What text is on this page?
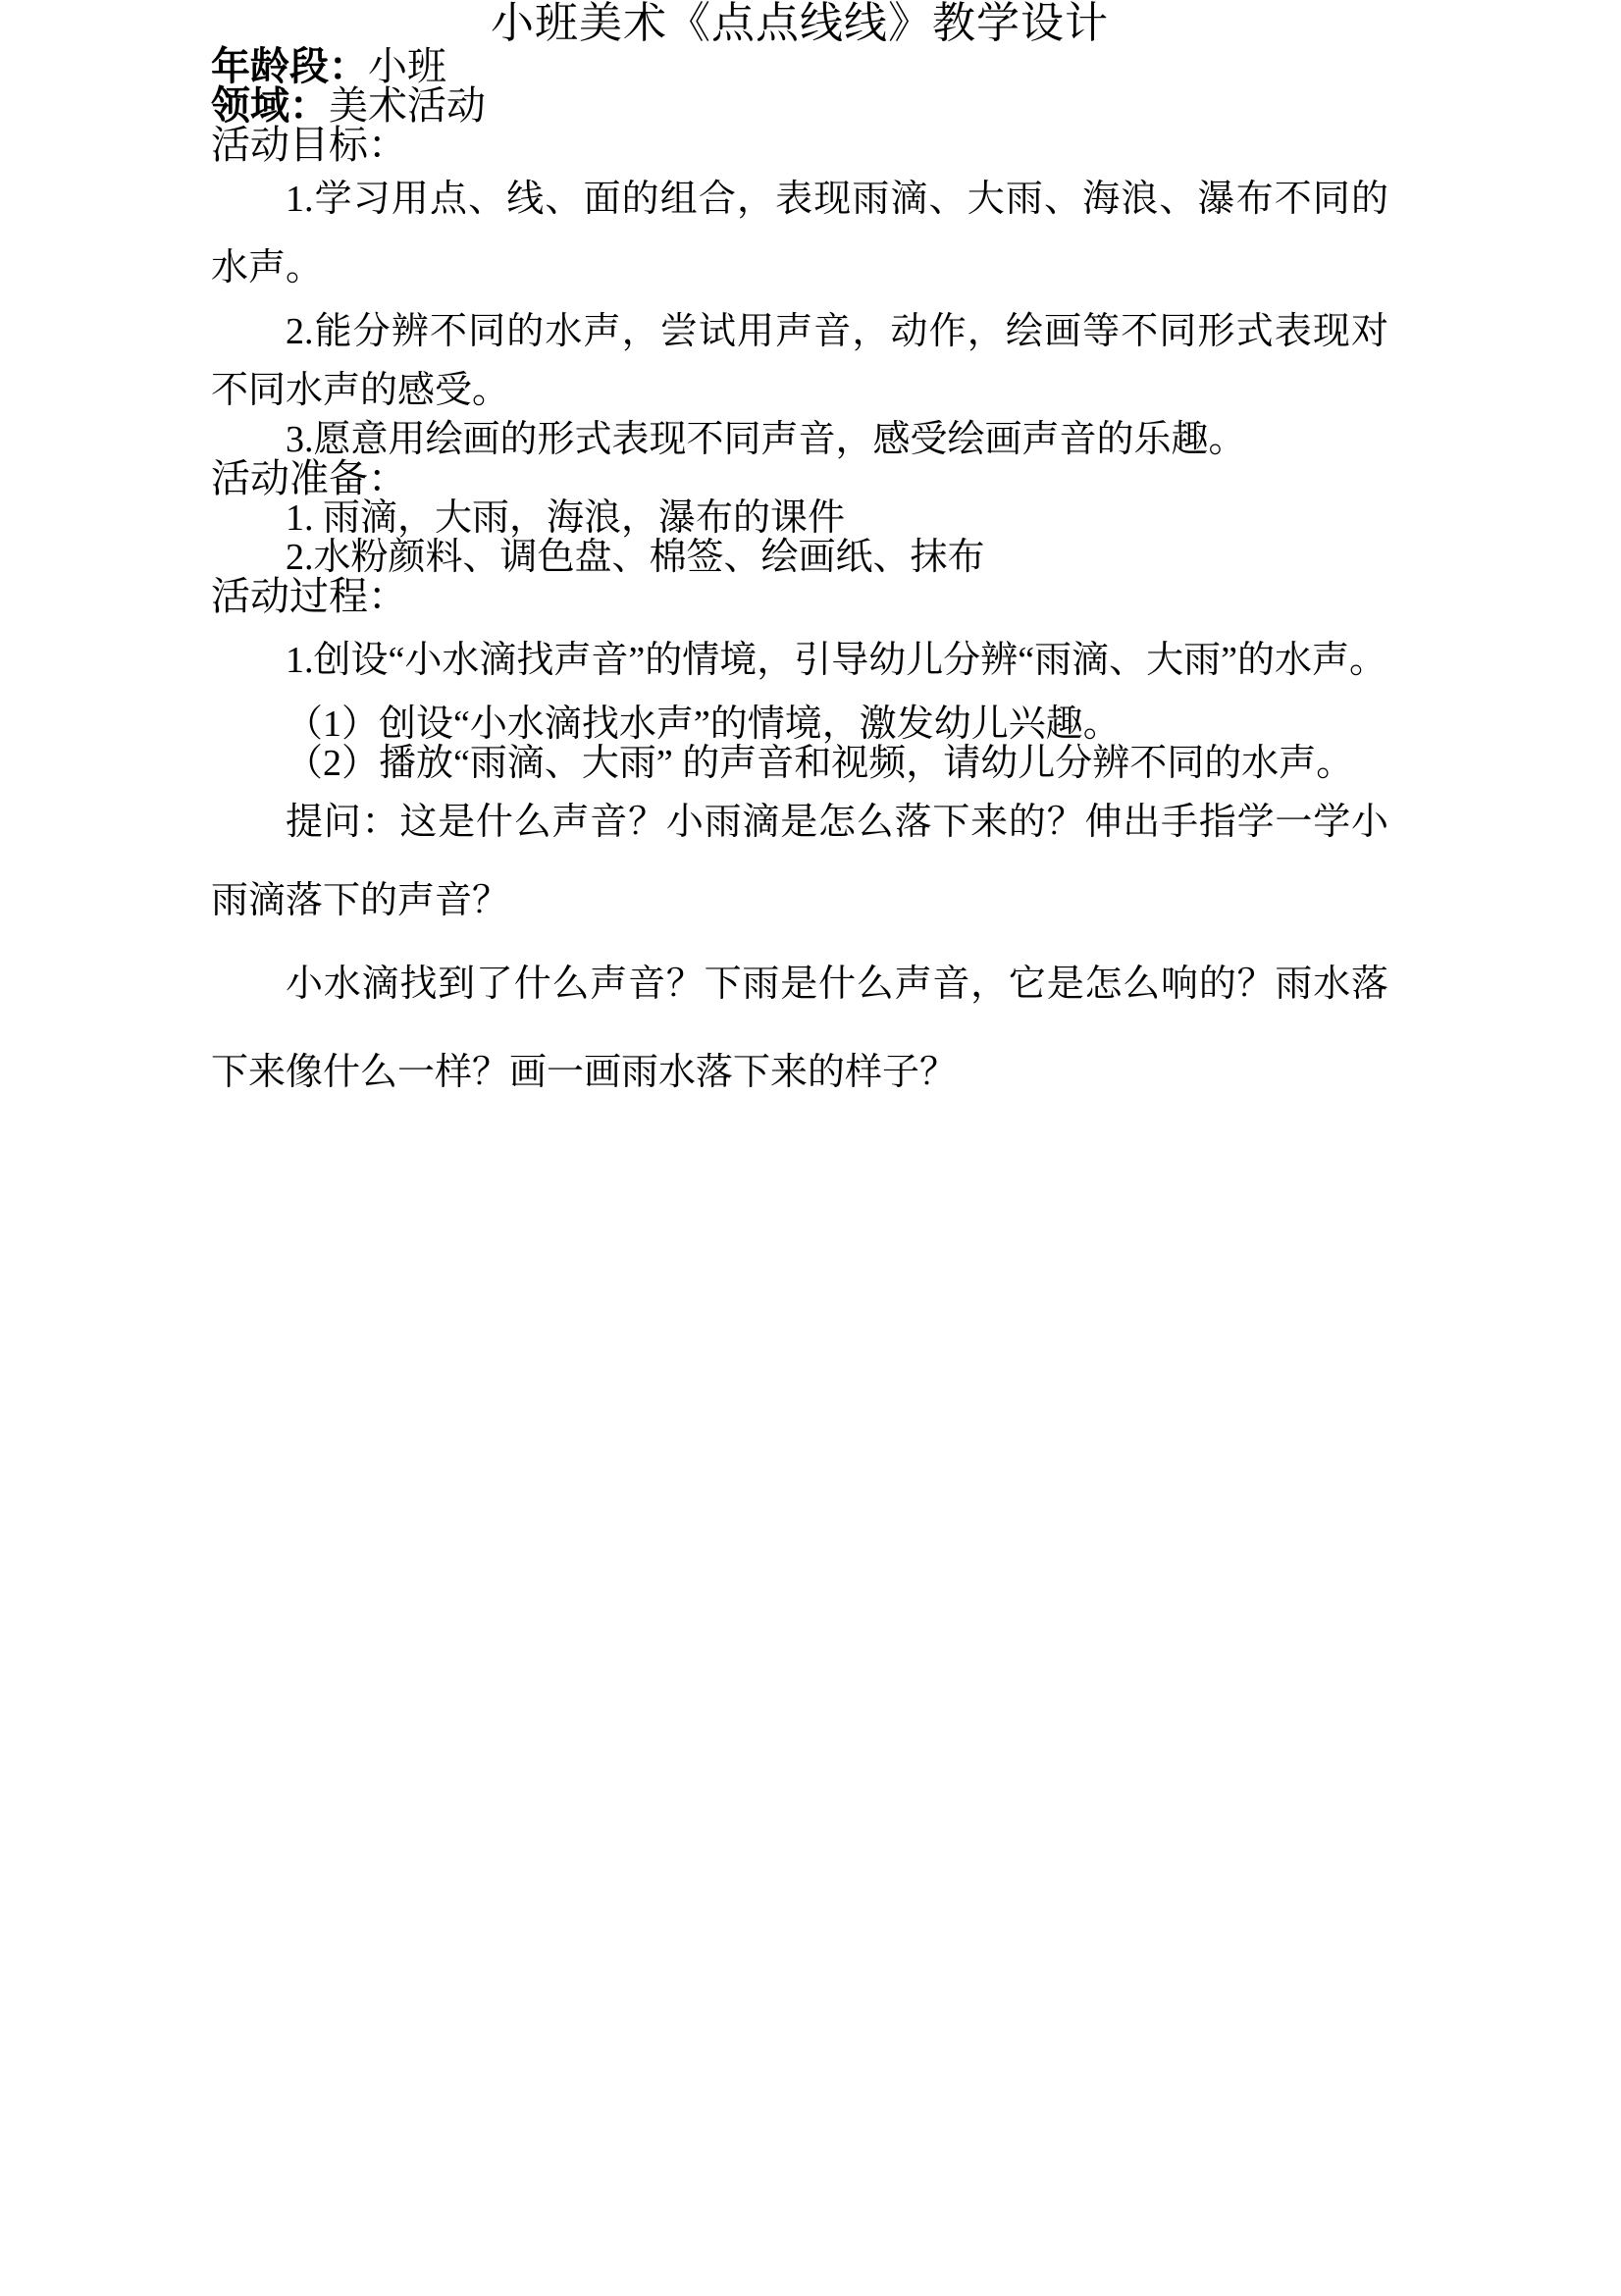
小班美术《点点线线》教学设计

年龄段：小班

领域：美术活动

活动目标：

1.学习用点、线、面的组合，表现雨滴、大雨、海浪、瀑布不同的水声。

2.能分辨不同的水声，尝试用声音，动作，绘画等不同形式表现对不同水声的感受。

3.愿意用绘画的形式表现不同声音，感受绘画声音的乐趣。

活动准备：

1. 雨滴，大雨，海浪，瀑布的课件

2.水粉颜料、调色盘、棉签、绘画纸、抹布

活动过程：

1.创设“小水滴找声音”的情境，引导幼儿分辨“雨滴、大雨”的水声。

（1）创设“小水滴找水声”的情境，激发幼儿兴趣。

（2）播放“雨滴、大雨” 的声音和视频，请幼儿分辨不同的水声。

提问：这是什么声音？小雨滴是怎么落下来的？伸出手指学一学小雨滴落下的声音？

小水滴找到了什么声音？下雨是什么声音，它是怎么响的？雨水落下来像什么一样？画一画雨水落下来的样子？
